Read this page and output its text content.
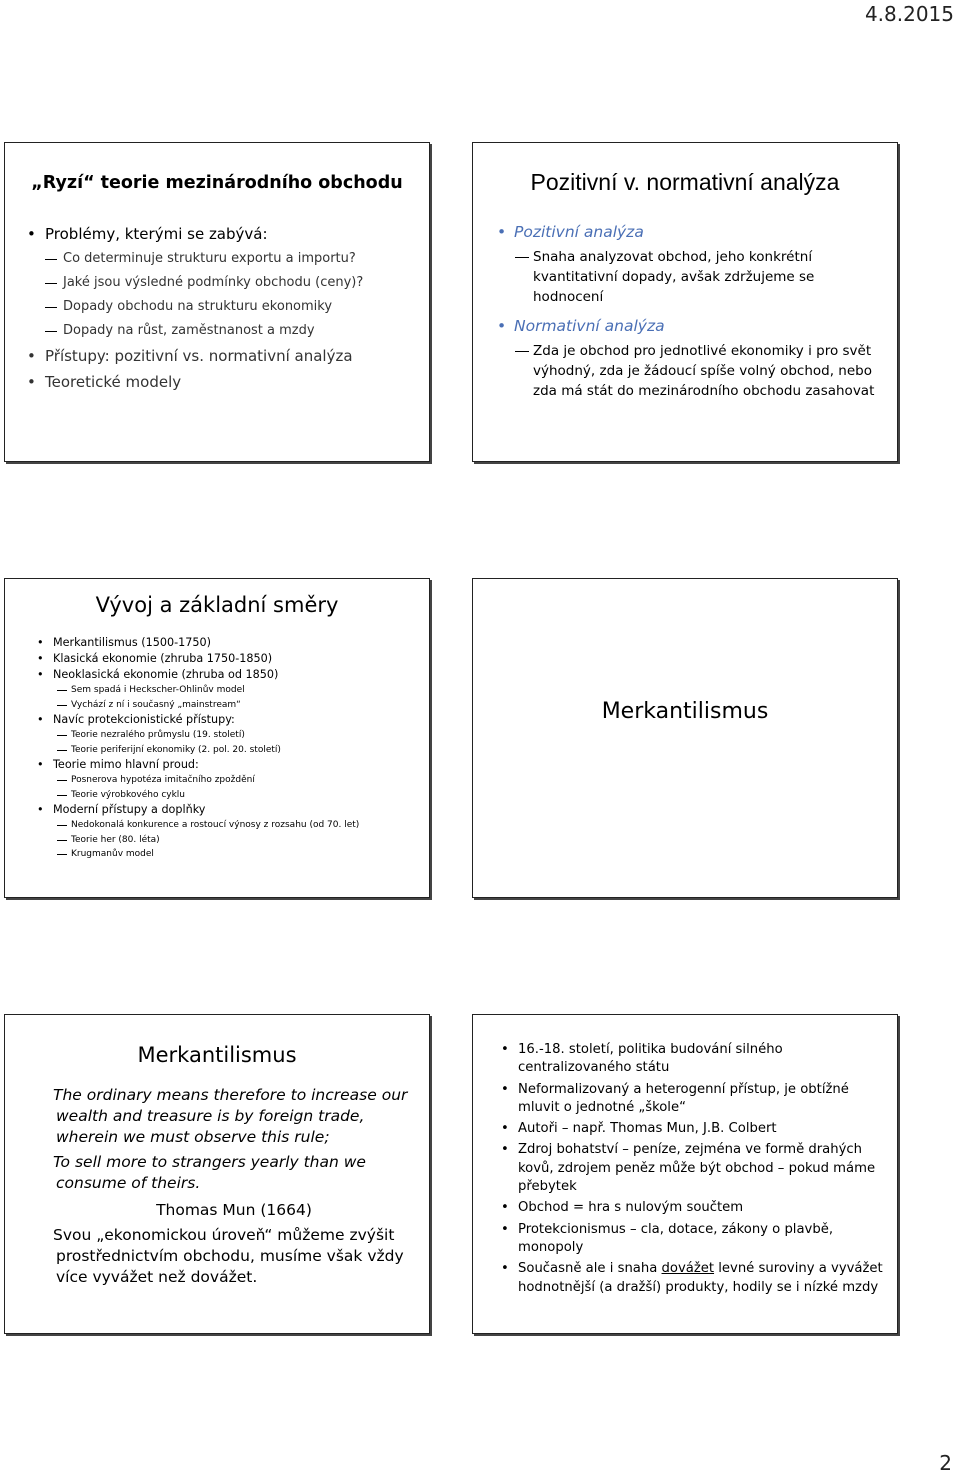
4.8.2015
„Ryzí“ teorie mezinárodního obchodu
• Problémy, kterými se zabývá:
Co determinuje strukturu exportu a importu?
Jaké jsou výsledné podmínky obchodu (ceny)?
Dopady obchodu na strukturu ekonomiky
Dopady na růst, zaměstnanost a mzdy
• Přístupy: pozitivní vs. normativní analýza
• Teoretické modely
Pozitivní v. normativní analýza
• Pozitivní analýza
Snaha analyzovat obchod, jeho konkrétní kvantitativní dopady, avšak zdržujeme se hodnocení
• Normativní analýza
Zda je obchod pro jednotlivé ekonomiky i pro svět výhodný, zda je žádoucí spíše volný obchod, nebo zda má stát do mezinárodního obchodu zasahovat
Vývoj a základní směry
• Merkantilismus (1500-1750)
• Klasická ekonomie (zhruba 1750-1850)
• Neoklasická ekonomie (zhruba od 1850)
Sem spadá i Heckscher-Ohlinův model
Vychází z ní i současný „mainstream“
• Navíc protekcionistické přístupy:
Teorie nezralého průmyslu (19. století)
Teorie periferijní ekonomiky (2. pol. 20. století)
• Teorie mimo hlavní proud:
Posnerova hypotéza imitačního zpoždění
Teorie výrobkového cyklu
• Moderní přístupy a doplňky
Nedokonalá konkurence a rostoucí výnosy z rozsahu (od 70. let)
Teorie her (80. léta)
Krugmanův model
Merkantilismus
Merkantilismus
The ordinary means therefore to increase our wealth and treasure is by foreign trade, wherein we must observe this rule;
To sell more to strangers yearly than we consume of theirs.
Thomas Mun (1664)
Svou „ekonomickou úroveň“ můžeme zvýšit prostřednictvím obchodu, musíme však vždy více vyvážet než dovážet.
• 16.-18. století, politika budování silného centralizovaného státu
• Neformalizovaný a heterogenní přístup, je obtížné mluvit o jednotné „škole“
• Autoři – např. Thomas Mun, J.B. Colbert
• Zdroj bohatství – peníze, zejména ve formě drahých kovů, zdrojem peněz může být obchod – pokud máme přebytek
• Obchod = hra s nulovým součtem
• Protekcionismus – cla, dotace, zákony o plavbě, monopoly
• Současně ale i snaha dovážet levné suroviny a vyvážet hodnotnější (a dražší) produkty, hodily se i nízké mzdy
2
